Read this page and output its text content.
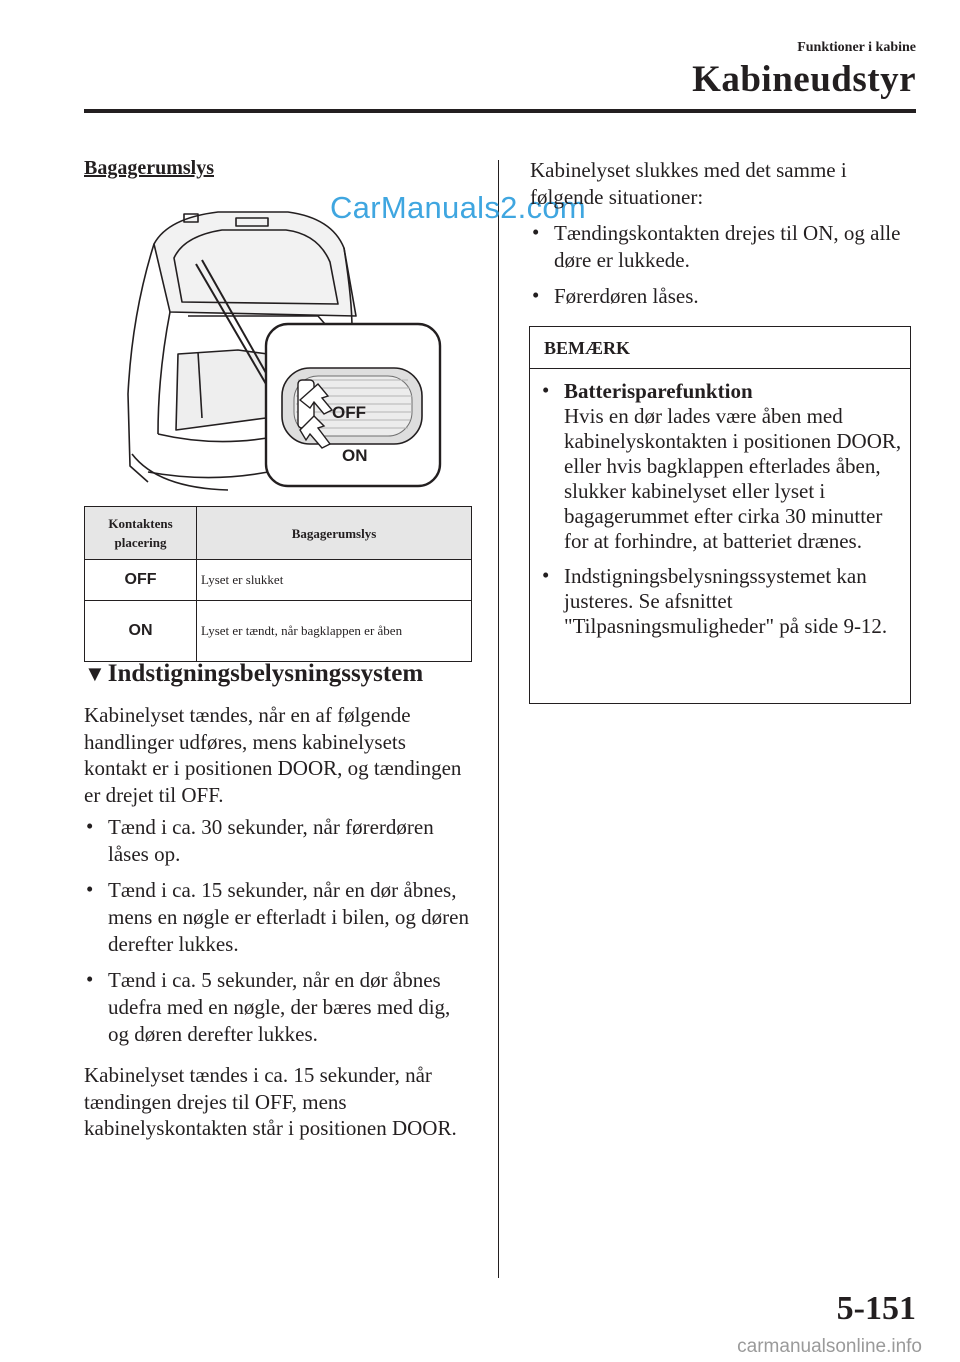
Funktioner i kabine
Kabineudstyr
Bagagerumslys
OFF
ON
CarManuals2.com
Kontaktens placering	Bagagerumslys
OFF	Lyset er slukket
ON	Lyset er tændt, når bagklappen er åben
▼Indstigningsbelysningssystem
Kabinelyset tændes, når en af følgende handlinger udføres, mens kabinelysets kontakt er i positionen DOOR, og tændingen er drejet til OFF.
• Tænd i ca. 30 sekunder, når førerdøren låses op.
• Tænd i ca. 15 sekunder, når en dør åbnes, mens en nøgle er efterladt i bilen, og døren derefter lukkes.
• Tænd i ca. 5 sekunder, når en dør åbnes udefra med en nøgle, der bæres med dig, og døren derefter lukkes.
Kabinelyset tændes i ca. 15 sekunder, når tændingen drejes til OFF, mens kabinelyskontakten står i positionen DOOR.
Kabinelyset slukkes med det samme i følgende situationer:
• Tændingskontakten drejes til ON, og alle døre er lukkede.
• Førerdøren låses.
BEMÆRK
• Batterisparefunktion
Hvis en dør lades være åben med kabinelyskontakten i positionen DOOR, eller hvis bagklappen efterlades åben, slukker kabinelyset eller lyset i bagagerummet efter cirka 30 minutter for at forhindre, at batteriet drænes.
• Indstigningsbelysningssystemet kan justeres. Se afsnittet "Tilpasningsmuligheder" på side 9-12.
5-151
carmanualsonline.info
